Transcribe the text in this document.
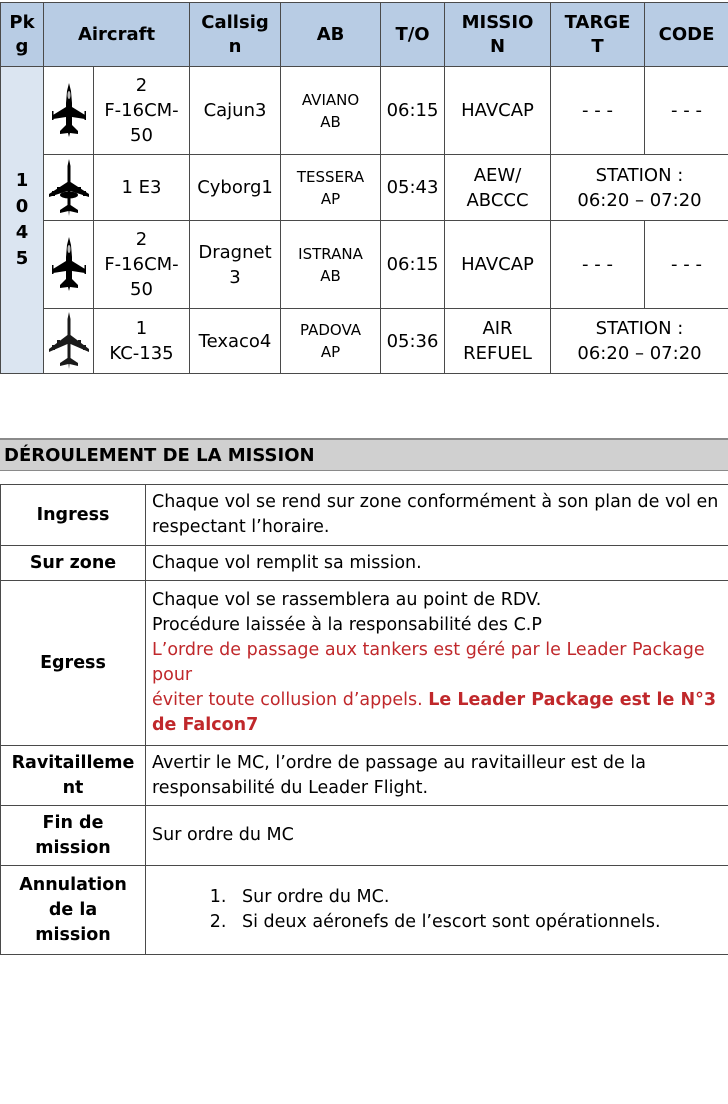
Pk
g
	Aircraft	
Callsig
n
	AB	T/O	
MISSIO
N

TARGE
T
	CODE

1
0
4
5

2
F-16CM-
50
	Cajun3	
AVIANO
AB
	06:15	HAVCAP	- - -	- - -

	1 E3	Cyborg1	
TESSERA
AP
	05:43	
AEW/
ABCCC

STATION :
06:20 – 07:20

2
F-16CM-
50

Dragnet
3

ISTRANA
AB
	06:15	HAVCAP	- - -	- - -

1
KC-135
	Texaco4	
PADOVA
AP
	05:36	
AIR
REFUEL

STATION :
06:20 – 07:20
DÉROULEMENT DE LA MISSION
Ingress	Chaque vol se rend sur zone conformément à son plan de vol en respectant l’horaire.
Sur zone	Chaque vol remplit sa mission.
Egress	
Chaque vol se rassemblera au point de RDV.
Procédure laissée à la responsabilité des C.P
L’ordre de passage aux tankers est géré par le Leader Package pour
éviter toute collusion d’appels. Le Leader Package est le N°3 de Falcon7

Ravitailleme
nt
	Avertir le MC, l’ordre de passage au ravitailleur est de la responsabilité du Leader Flight.

Fin de
mission
	Sur ordre du MC

Annulation
de la
mission

1. Sur ordre du MC.
2. Si deux aéronefs de l’escort sont opérationnels.
